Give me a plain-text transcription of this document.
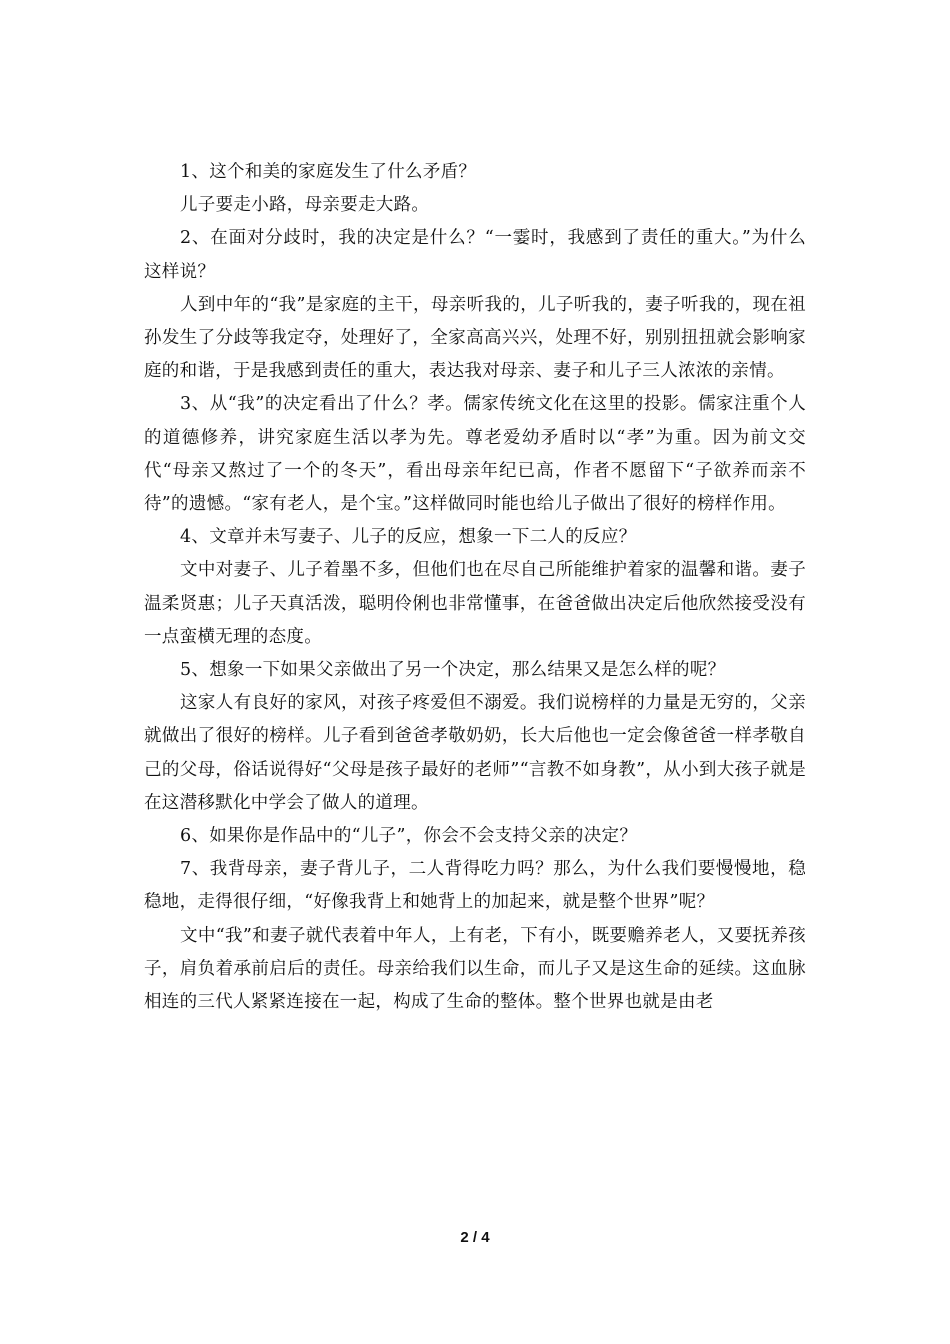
1、这个和美的家庭发生了什么矛盾？

儿子要走小路，母亲要走大路。

2、在面对分歧时，我的决定是什么？“一霎时，我感到了责任的重大。”为什么这样说？

人到中年的“我”是家庭的主干，母亲听我的，儿子听我的，妻子听我的，现在祖孙发生了分歧等我定夺，处理好了，全家高高兴兴，处理不好，别别扭扭就会影响家庭的和谐，于是我感到责任的重大，表达我对母亲、妻子和儿子三人浓浓的亲情。

3、从“我”的决定看出了什么？孝。儒家传统文化在这里的投影。儒家注重个人的道德修养，讲究家庭生活以孝为先。尊老爱幼矛盾时以“孝”为重。因为前文交代“母亲又熬过了一个的冬天”，看出母亲年纪已高，作者不愿留下“子欲养而亲不待”的遗憾。“家有老人，是个宝。”这样做同时能也给儿子做出了很好的榜样作用。

4、文章并未写妻子、儿子的反应，想象一下二人的反应？

文中对妻子、儿子着墨不多，但他们也在尽自己所能维护着家的温馨和谐。妻子温柔贤惠；儿子天真活泼，聪明伶俐也非常懂事，在爸爸做出决定后他欣然接受没有一点蛮横无理的态度。

5、想象一下如果父亲做出了另一个决定，那么结果又是怎么样的呢？

这家人有良好的家风，对孩子疼爱但不溺爱。我们说榜样的力量是无穷的，父亲就做出了很好的榜样。儿子看到爸爸孝敬奶奶，长大后他也一定会像爸爸一样孝敬自己的父母，俗话说得好“父母是孩子最好的老师”“言教不如身教”，从小到大孩子就是在这潜移默化中学会了做人的道理。

6、如果你是作品中的“儿子”，你会不会支持父亲的决定？

7、我背母亲，妻子背儿子，二人背得吃力吗？那么，为什么我们要慢慢地，稳稳地，走得很仔细，“好像我背上和她背上的加起来，就是整个世界”呢？

文中“我”和妻子就代表着中年人，上有老，下有小，既要赡养老人，又要抚养孩子，肩负着承前启后的责任。母亲给我们以生命，而儿子又是这生命的延续。这血脉相连的三代人紧紧连接在一起，构成了生命的整体。整个世界也就是由老

2 / 4
